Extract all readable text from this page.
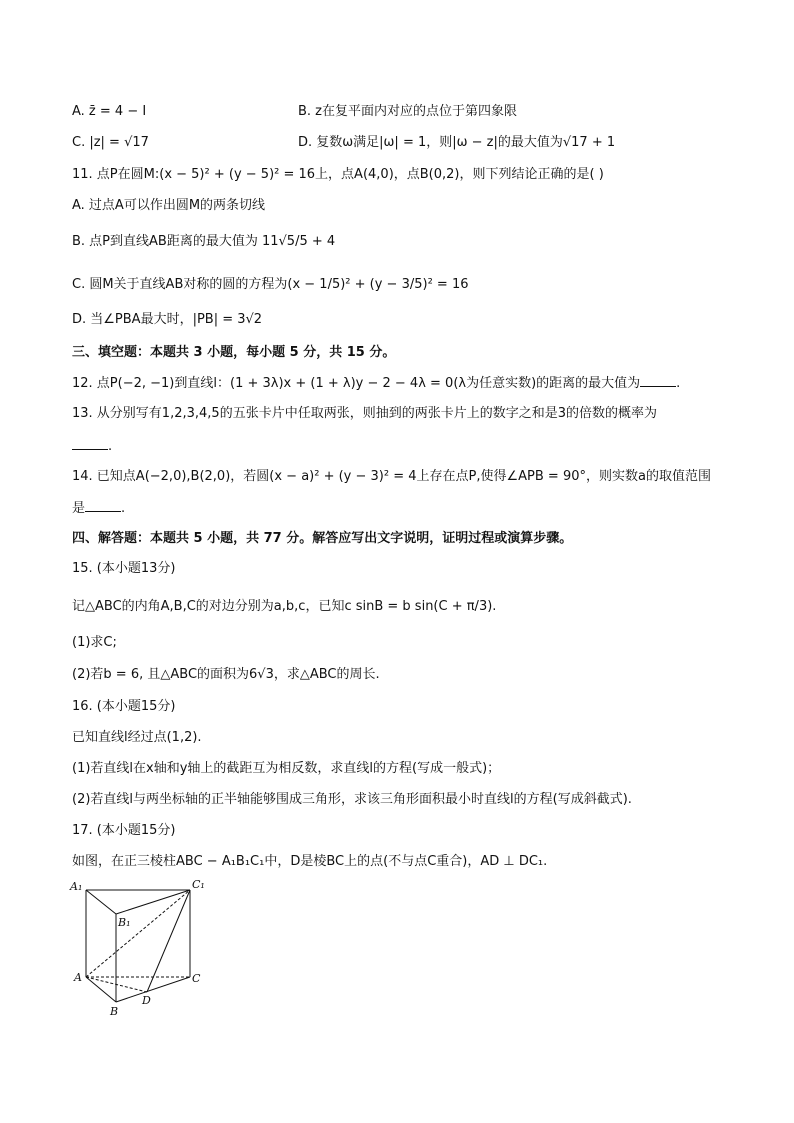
A. z̄ = 4 − I	B. z在复平面内对应的点位于第四象限
C. |z| = √17	D. 复数ω满足|ω| = 1，则|ω − z|的最大值为√17 + 1
11. 点P在圆M:(x − 5)² + (y − 5)² = 16上，点A(4,0)，点B(0,2)，则下列结论正确的是( )
A. 过点A可以作出圆M的两条切线
B. 点P到直线AB距离的最大值为 11√5/5 + 4
C. 圆M关于直线AB对称的圆的方程为(x − 1/5)² + (y − 3/5)² = 16
D. 当∠PBA最大时，|PB| = 3√2
三、填空题：本题共 3 小题，每小题 5 分，共 15 分。
12. 点P(−2, −1)到直线l：(1 + 3λ)x + (1 + λ)y − 2 − 4λ = 0(λ为任意实数)的距离的最大值为	.
13. 从分别写有1,2,3,4,5的五张卡片中任取两张，则抽到的两张卡片上的数字之和是3的倍数的概率为
.
14. 已知点A(−2,0),B(2,0)，若圆(x − a)² + (y − 3)² = 4上存在点P,使得∠APB = 90°，则实数a的取值范围
是	.
四、解答题：本题共 5 小题，共 77 分。解答应写出文字说明，证明过程或演算步骤。
15. (本小题13分)
记△ABC的内角A,B,C的对边分别为a,b,c，已知c sinB = b sin(C + π/3).
(1)求C;
(2)若b = 6, 且△ABC的面积为6√3，求△ABC的周长.
16. (本小题15分)
已知直线l经过点(1,2).
(1)若直线l在x轴和y轴上的截距互为相反数，求直线l的方程(写成一般式)；
(2)若直线l与两坐标轴的正半轴能够围成三角形，求该三角形面积最小时直线l的方程(写成斜截式).
17. (本小题15分)
如图，在正三棱柱ABC − A₁B₁C₁中，D是棱BC上的点(不与点C重合)，AD ⊥ DC₁.
A₁	C₁
B₁
A	C
B
D
